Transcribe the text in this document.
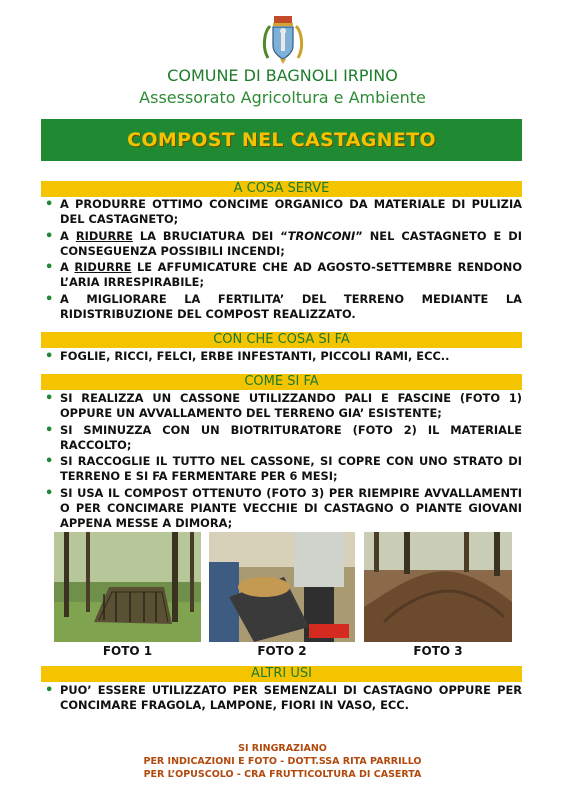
COMUNE DI BAGNOLI IRPINO
Assessorato Agricoltura e Ambiente
COMPOST NEL CASTAGNETO
A COSA SERVE
• A PRODURRE OTTIMO CONCIME ORGANICO DA MATERIALE DI PULIZIA DEL CASTAGNETO;
• A RIDURRE LA BRUCIATURA DEI “TRONCONI” NEL CASTAGNETO E DI CONSEGUENZA POSSIBILI INCENDI;
• A RIDURRE LE AFFUMICATURE CHE AD AGOSTO-SETTEMBRE RENDONO L’ARIA IRRESPIRABILE;
• A MIGLIORARE LA FERTILITA’ DEL TERRENO MEDIANTE LA RIDISTRIBUZIONE DEL COMPOST REALIZZATO.
CON CHE COSA SI FA
• FOGLIE, RICCI, FELCI, ERBE INFESTANTI, PICCOLI RAMI, ECC..
COME SI FA
• SI REALIZZA UN CASSONE UTILIZZANDO PALI E FASCINE (FOTO 1) OPPURE UN AVVALLAMENTO DEL TERRENO GIA’ ESISTENTE;
• SI SMINUZZA CON UN BIOTRITURATORE (FOTO 2) IL MATERIALE RACCOLTO;
• SI RACCOGLIE IL TUTTO NEL CASSONE, SI COPRE CON UNO STRATO DI TERRENO E SI FA FERMENTARE PER 6 MESI;
• SI USA IL COMPOST OTTENUTO (FOTO 3) PER RIEMPIRE AVVALLAMENTI O PER CONCIMARE PIANTE VECCHIE DI CASTAGNO O PIANTE GIOVANI APPENA MESSE A DIMORA;
FOTO 1	FOTO 2	FOTO 3
ALTRI USI
• PUO’ ESSERE UTILIZZATO PER SEMENZALI DI CASTAGNO OPPURE PER CONCIMARE FRAGOLA, LAMPONE, FIORI IN VASO, ECC.
SI RINGRAZIANO
PER INDICAZIONI E FOTO - DOTT.SSA RITA PARRILLO
PER L’OPUSCOLO - CRA FRUTTICOLTURA DI CASERTA
